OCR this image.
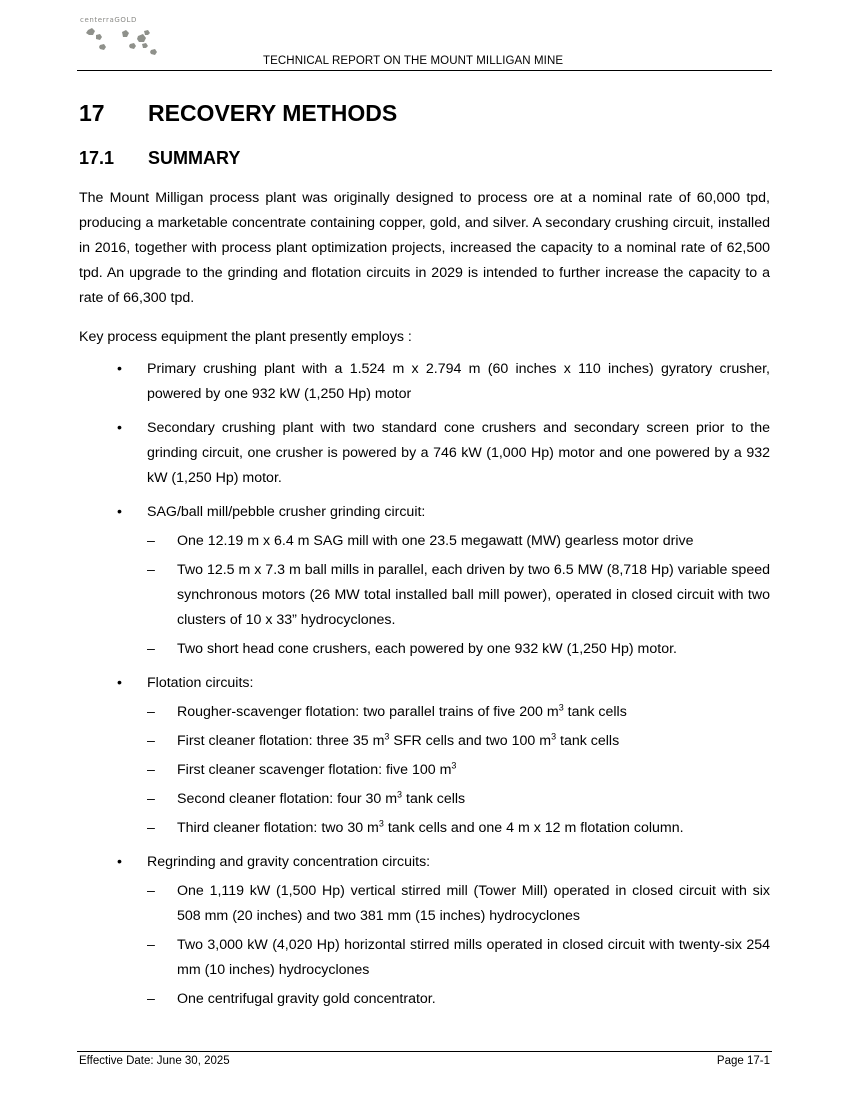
centerraGOLD
TECHNICAL REPORT ON THE MOUNT MILLIGAN MINE
17 RECOVERY METHODS
17.1 SUMMARY
The Mount Milligan process plant was originally designed to process ore at a nominal rate of 60,000 tpd, producing a marketable concentrate containing copper, gold, and silver. A secondary crushing circuit, installed in 2016, together with process plant optimization projects, increased the capacity to a nominal rate of 62,500 tpd. An upgrade to the grinding and flotation circuits in 2029 is intended to further increase the capacity to a rate of 66,300 tpd.
Key process equipment the plant presently employs :
• Primary crushing plant with a 1.524 m x 2.794 m (60 inches x 110 inches) gyratory crusher, powered by one 932 kW (1,250 Hp) motor
• Secondary crushing plant with two standard cone crushers and secondary screen prior to the grinding circuit, one crusher is powered by a 746 kW (1,000 Hp) motor and one powered by a 932 kW (1,250 Hp) motor.
• SAG/ball mill/pebble crusher grinding circuit:
– One 12.19 m x 6.4 m SAG mill with one 23.5 megawatt (MW) gearless motor drive
– Two 12.5 m x 7.3 m ball mills in parallel, each driven by two 6.5 MW (8,718 Hp) variable speed synchronous motors (26 MW total installed ball mill power), operated in closed circuit with two clusters of 10 x 33” hydrocyclones.
– Two short head cone crushers, each powered by one 932 kW (1,250 Hp) motor.
• Flotation circuits:
– Rougher-scavenger flotation: two parallel trains of five 200 $m^3$ tank cells
– First cleaner flotation: three 35 $m^3$ SFR cells and two 100 $m^3$ tank cells
– First cleaner scavenger flotation: five 100 $m^3$
– Second cleaner flotation: four 30 $m^3$ tank cells
– Third cleaner flotation: two 30 $m^3$ tank cells and one 4 m x 12 m flotation column.
• Regrinding and gravity concentration circuits:
– One 1,119 kW (1,500 Hp) vertical stirred mill (Tower Mill) operated in closed circuit with six 508 mm (20 inches) and two 381 mm (15 inches) hydrocyclones
– Two 3,000 kW (4,020 Hp) horizontal stirred mills operated in closed circuit with twenty-six 254 mm (10 inches) hydrocyclones
– One centrifugal gravity gold concentrator.
Effective Date: June 30, 2025	Page 17-1
